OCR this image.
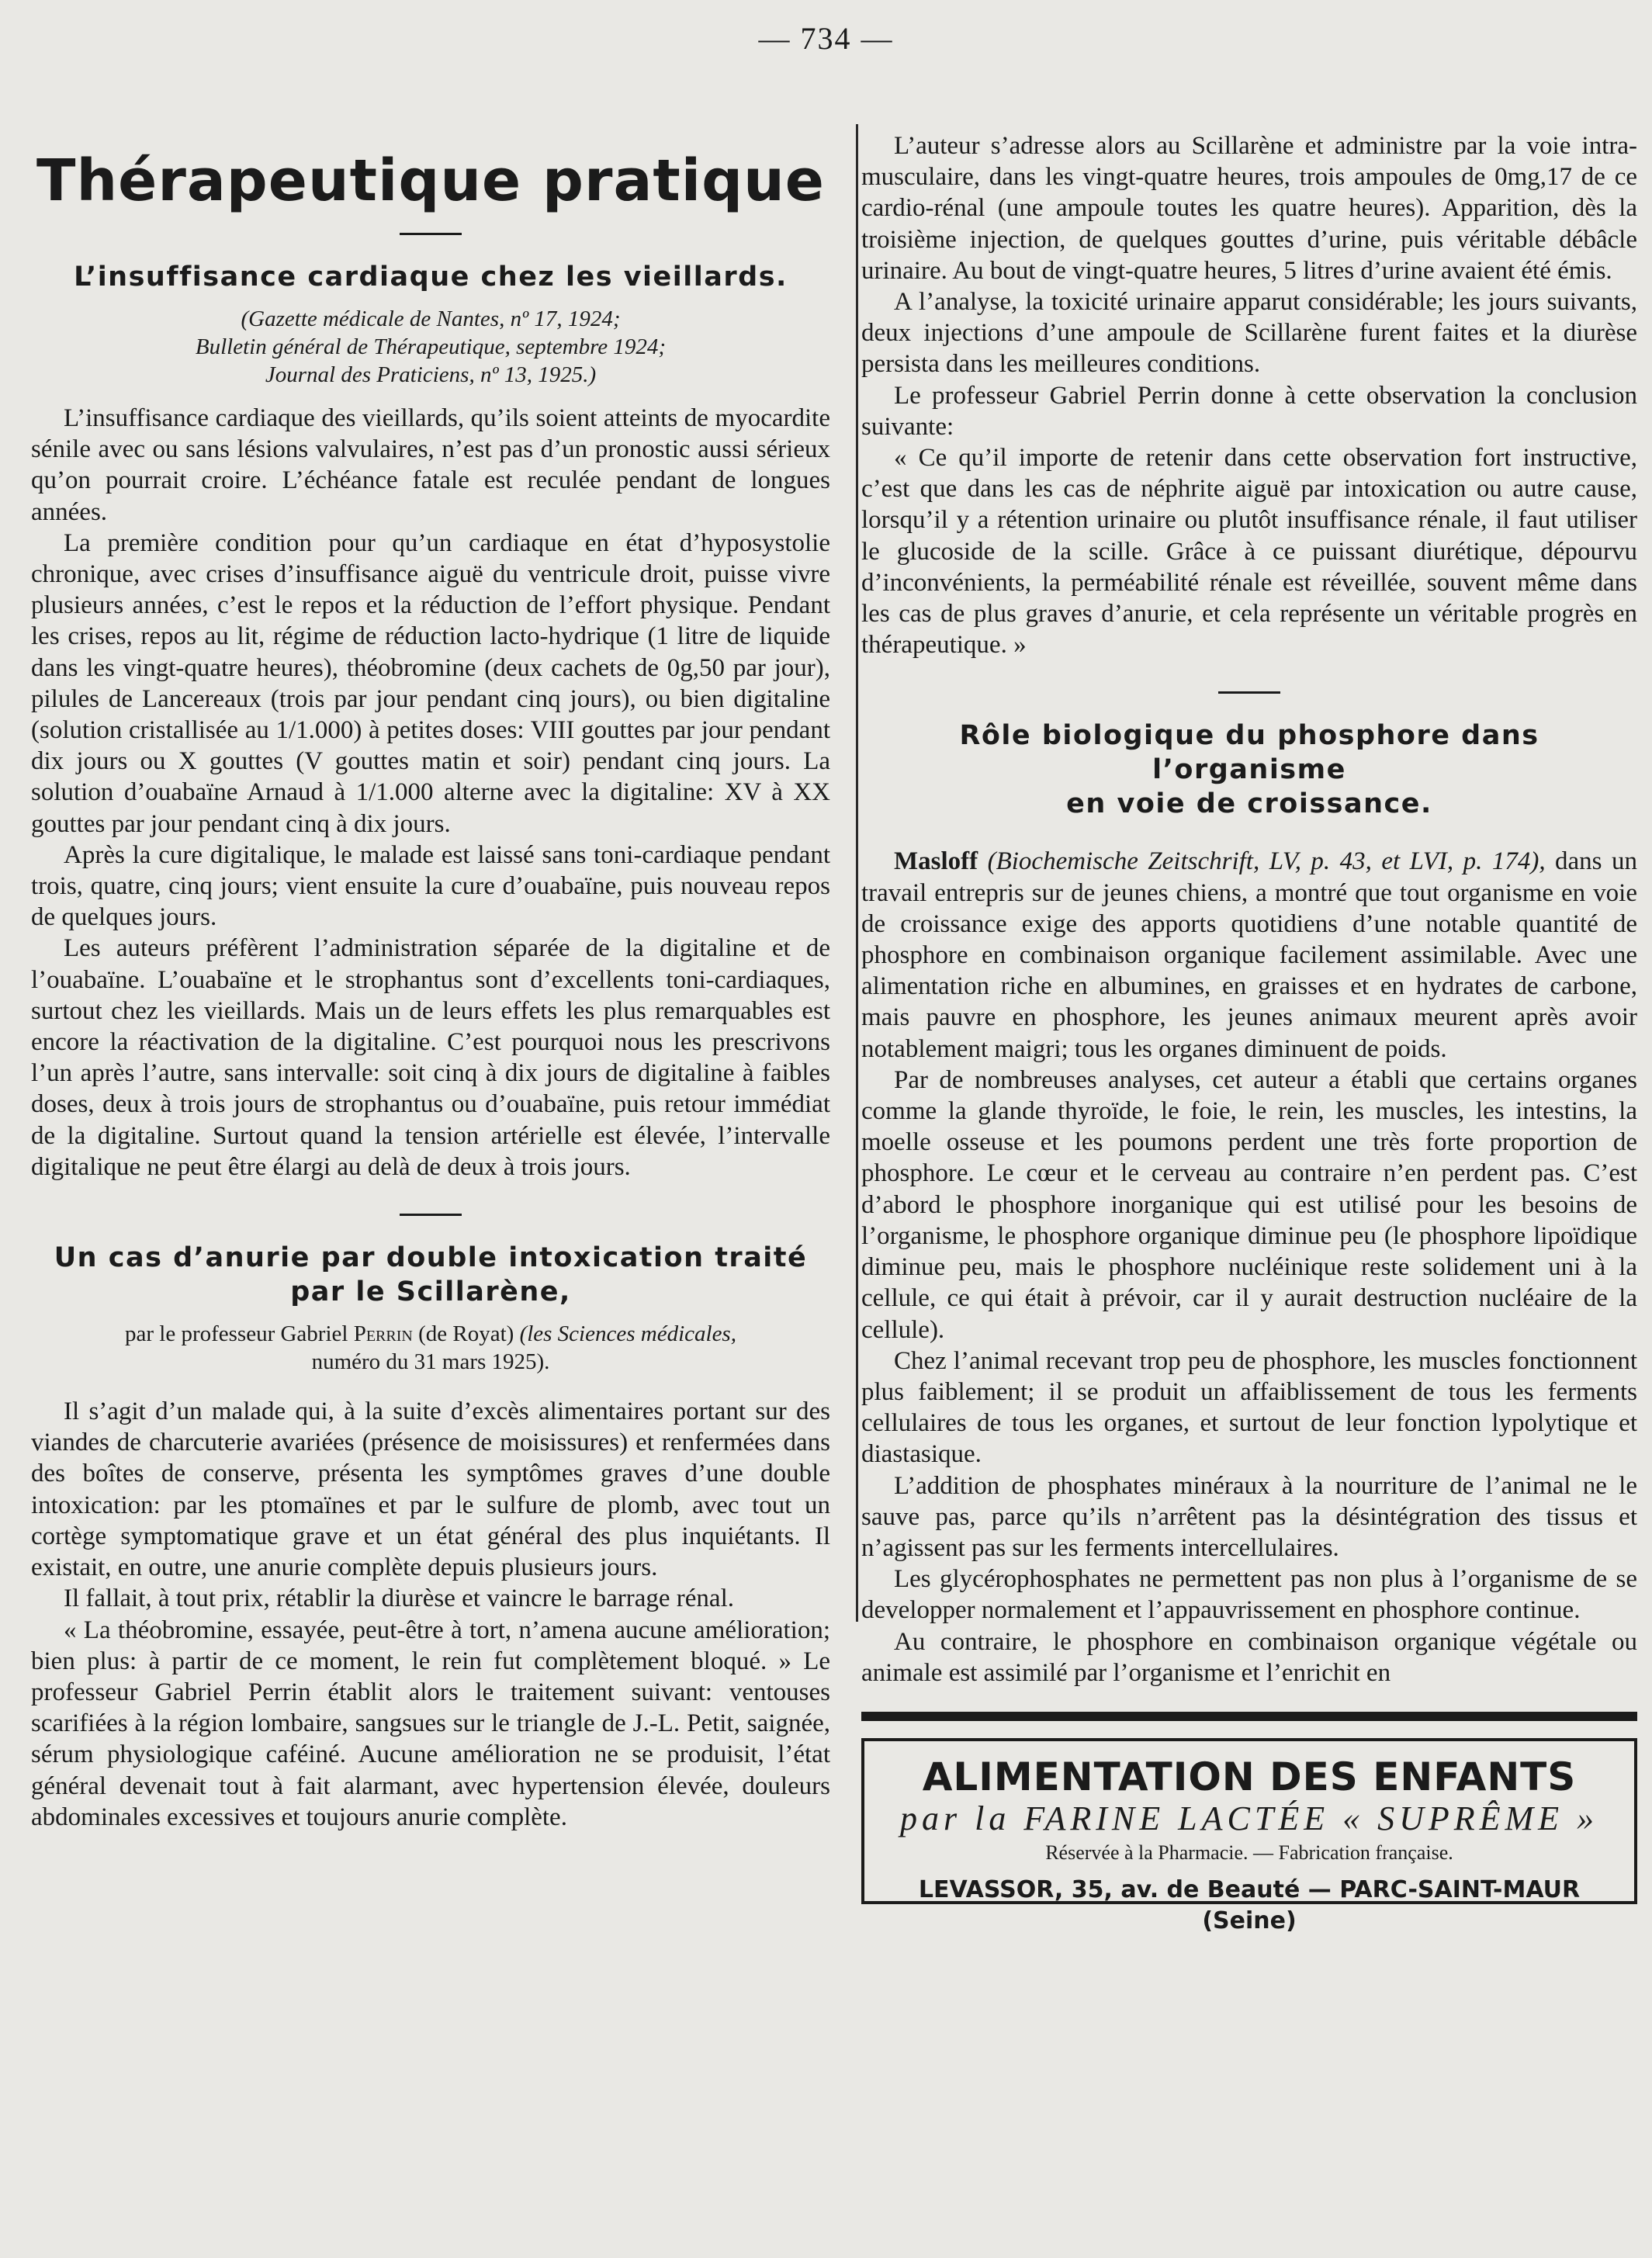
— 734 —
Thérapeutique pratique
L’insuffisance cardiaque chez les vieillards.
(Gazette médicale de Nantes, nº 17, 1924;
Bulletin général de Thérapeutique, septembre 1924;
Journal des Praticiens, nº 13, 1925.)

L’insuffisance cardiaque des vieillards, qu’ils soient atteints de myocardite sénile avec ou sans lésions valvulaires, n’est pas d’un pronostic aussi sérieux qu’on pourrait croire. L’échéance fatale est reculée pendant de longues années.

La première condition pour qu’un cardiaque en état d’hyposystolie chronique, avec crises d’insuffisance aiguë du ventricule droit, puisse vivre plusieurs années, c’est le repos et la réduction de l’effort physique. Pendant les crises, repos au lit, régime de réduction lacto-hydrique (1 litre de liquide dans les vingt-quatre heures), théobromine (deux cachets de 0g,50 par jour), pilules de Lancereaux (trois par jour pendant cinq jours), ou bien digitaline (solution cristallisée au 1/1.000) à petites doses: VIII gouttes par jour pendant dix jours ou X gouttes (V gouttes matin et soir) pendant cinq jours. La solution d’ouabaïne Arnaud à 1/1.000 alterne avec la digitaline: XV à XX gouttes par jour pendant cinq à dix jours.

Après la cure digitalique, le malade est laissé sans toni-cardiaque pendant trois, quatre, cinq jours; vient ensuite la cure d’ouabaïne, puis nouveau repos de quelques jours.

Les auteurs préfèrent l’administration séparée de la digitaline et de l’ouabaïne. L’ouabaïne et le strophantus sont d’excellents toni-cardiaques, surtout chez les vieillards. Mais un de leurs effets les plus remarquables est encore la réactivation de la digitaline. C’est pourquoi nous les prescrivons l’un après l’autre, sans intervalle: soit cinq à dix jours de digitaline à faibles doses, deux à trois jours de strophantus ou d’ouabaïne, puis retour immédiat de la digitaline. Surtout quand la tension artérielle est élevée, l’intervalle digitalique ne peut être élargi au delà de deux à trois jours.

Un cas d’anurie par double intoxication traité
par le Scillarène,
par le professeur Gabriel Perrin (de Royat) (les Sciences médicales,
numéro du 31 mars 1925).

Il s’agit d’un malade qui, à la suite d’excès alimentaires portant sur des viandes de charcuterie avariées (présence de moisissures) et renfermées dans des boîtes de conserve, présenta les symptômes graves d’une double intoxication: par les ptomaïnes et par le sulfure de plomb, avec tout un cortège symptomatique grave et un état général des plus inquiétants. Il existait, en outre, une anurie complète depuis plusieurs jours.

Il fallait, à tout prix, rétablir la diurèse et vaincre le barrage rénal.

« La théobromine, essayée, peut-être à tort, n’amena aucune amélioration; bien plus: à partir de ce moment, le rein fut complètement bloqué. » Le professeur Gabriel Perrin établit alors le traitement suivant: ventouses scarifiées à la région lombaire, sangsues sur le triangle de J.-L. Petit, saignée, sérum physiologique caféiné. Aucune amélioration ne se produisit, l’état général devenait tout à fait alarmant, avec hypertension élevée, douleurs abdominales excessives et toujours anurie complète.

L’auteur s’adresse alors au Scillarène et administre par la voie intra-musculaire, dans les vingt-quatre heures, trois ampoules de 0mg,17 de ce cardio-rénal (une ampoule toutes les quatre heures). Apparition, dès la troisième injection, de quelques gouttes d’urine, puis véritable débâcle urinaire. Au bout de vingt-quatre heures, 5 litres d’urine avaient été émis.

A l’analyse, la toxicité urinaire apparut considérable; les jours suivants, deux injections d’une ampoule de Scillarène furent faites et la diurèse persista dans les meilleures conditions.

Le professeur Gabriel Perrin donne à cette observation la conclusion suivante:

« Ce qu’il importe de retenir dans cette observation fort instructive, c’est que dans les cas de néphrite aiguë par intoxication ou autre cause, lorsqu’il y a rétention urinaire ou plutôt insuffisance rénale, il faut utiliser le glucoside de la scille. Grâce à ce puissant diurétique, dépourvu d’inconvénients, la perméabilité rénale est réveillée, souvent même dans les cas de plus graves d’anurie, et cela représente un véritable progrès en thérapeutique. »

Rôle biologique du phosphore dans l’organisme
en voie de croissance.

Masloff (Biochemische Zeitschrift, LV, p. 43, et LVI, p. 174), dans un travail entrepris sur de jeunes chiens, a montré que tout organisme en voie de croissance exige des apports quotidiens d’une notable quantité de phosphore en combinaison organique facilement assimilable. Avec une alimentation riche en albumines, en graisses et en hydrates de carbone, mais pauvre en phosphore, les jeunes animaux meurent après avoir notablement maigri; tous les organes diminuent de poids.

Par de nombreuses analyses, cet auteur a établi que certains organes comme la glande thyroïde, le foie, le rein, les muscles, les intestins, la moelle osseuse et les poumons perdent une très forte proportion de phosphore. Le cœur et le cerveau au contraire n’en perdent pas. C’est d’abord le phosphore inorganique qui est utilisé pour les besoins de l’organisme, le phosphore organique diminue peu (le phosphore lipoïdique diminue peu, mais le phosphore nucléinique reste solidement uni à la cellule, ce qui était à prévoir, car il y aurait destruction nucléaire de la cellule).

Chez l’animal recevant trop peu de phosphore, les muscles fonctionnent plus faiblement; il se produit un affaiblissement de tous les ferments cellulaires de tous les organes, et surtout de leur fonction lypolytique et diastasique.

L’addition de phosphates minéraux à la nourriture de l’animal ne le sauve pas, parce qu’ils n’arrêtent pas la désintégration des tissus et n’agissent pas sur les ferments intercellulaires.

Les glycérophosphates ne permettent pas non plus à l’organisme de se developper normalement et l’appauvrissement en phosphore continue.

Au contraire, le phosphore en combinaison organique végétale ou animale est assimilé par l’organisme et l’enrichit en

ALIMENTATION DES ENFANTS
par la FARINE LACTÉE « SUPRÊME »
Réservée à la Pharmacie. — Fabrication française.
LEVASSOR, 35, av. de Beauté — PARC-SAINT-MAUR (Seine)
